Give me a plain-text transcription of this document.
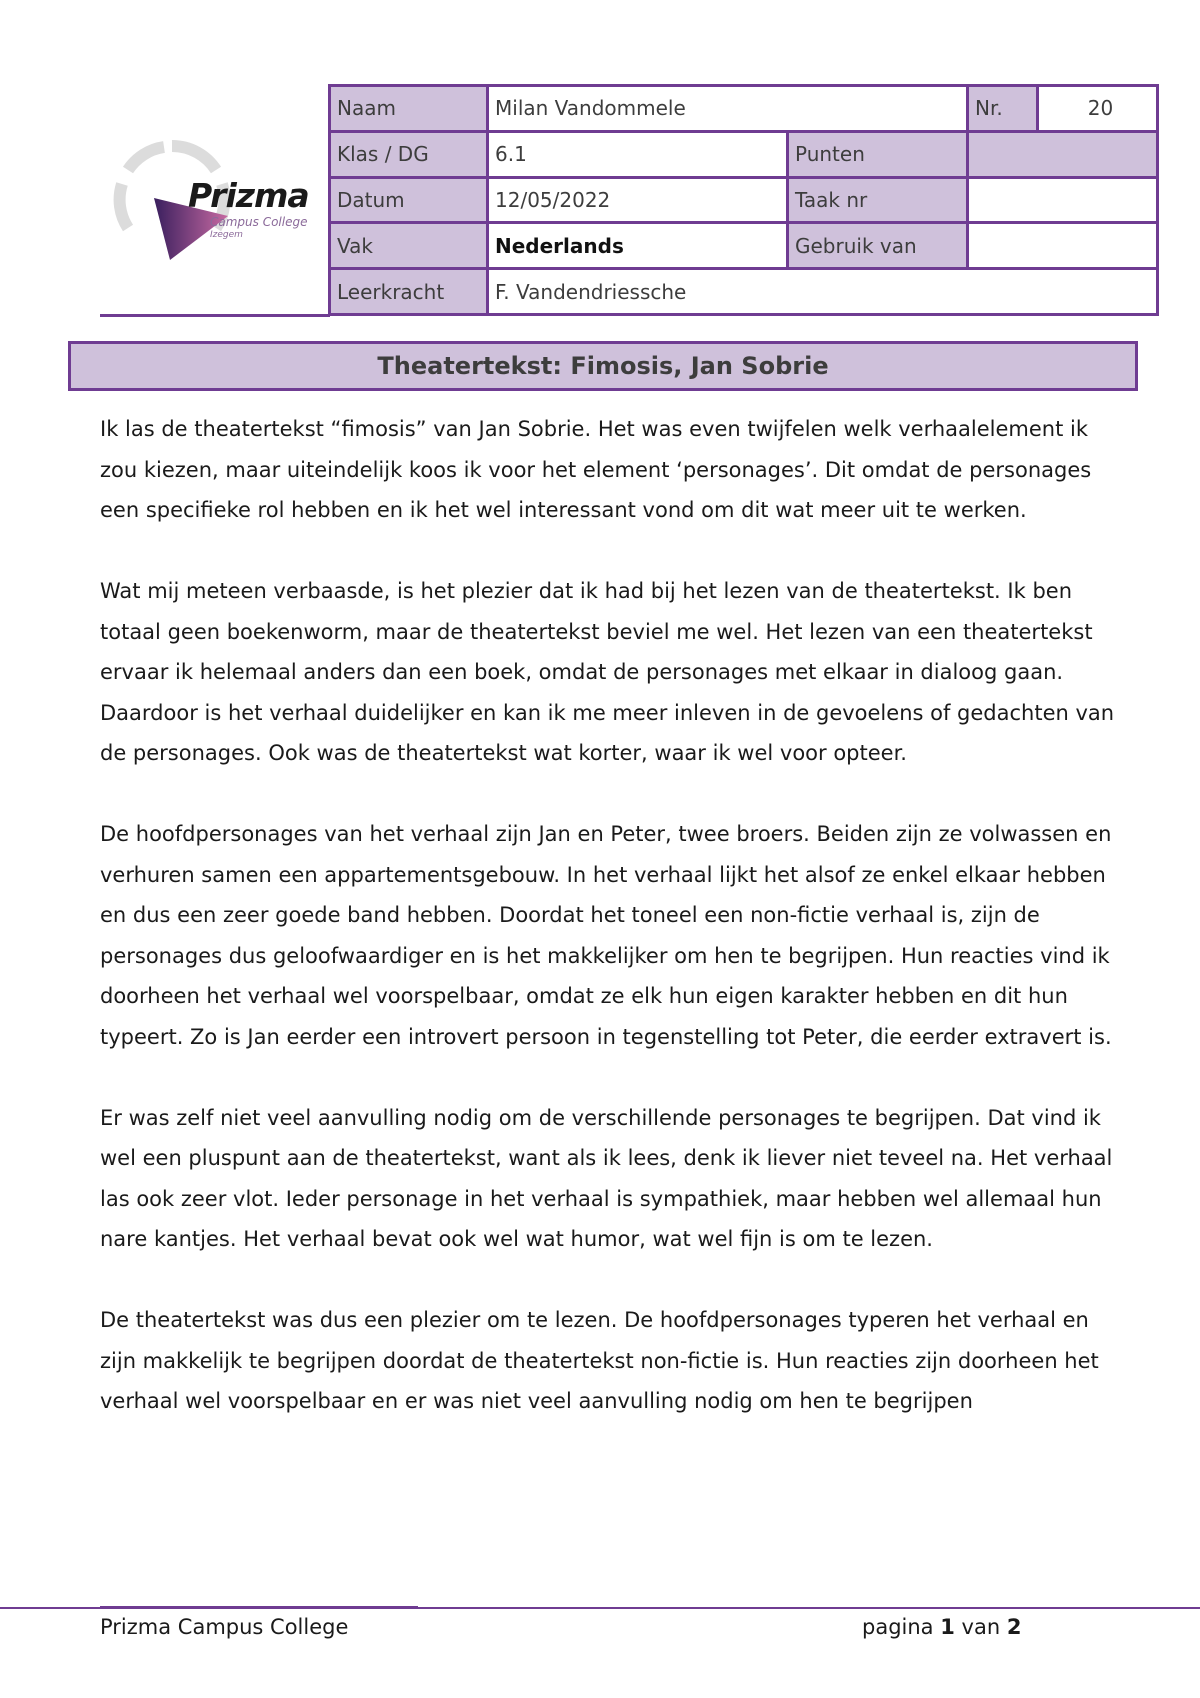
Prizma
Campus College
Izegem
Naam	Milan Vandommele		Nr.	20
Klas / DG	6.1	Punten		
Datum	12/05/2022	Taak nr		
Vak	Nederlands	Gebruik van		
Leerkracht	F. Vandendriessche			
Theatertekst: Fimosis, Jan Sobrie

Ik las de theatertekst “fimosis” van Jan Sobrie. Het was even twijfelen welk verhaalelement ik zou kiezen, maar uiteindelijk koos ik voor het element ‘personages’. Dit omdat de personages een specifieke rol hebben en ik het wel interessant vond om dit wat meer uit te werken.

Wat mij meteen verbaasde, is het plezier dat ik had bij het lezen van de theatertekst. Ik ben totaal geen boekenworm, maar de theatertekst beviel me wel. Het lezen van een theatertekst ervaar ik helemaal anders dan een boek, omdat de personages met elkaar in dialoog gaan. Daardoor is het verhaal duidelijker en kan ik me meer inleven in de gevoelens of gedachten van de personages. Ook was de theatertekst wat korter, waar ik wel voor opteer.

De hoofdpersonages van het verhaal zijn Jan en Peter, twee broers. Beiden zijn ze volwassen en verhuren samen een appartementsgebouw. In het verhaal lijkt het alsof ze enkel elkaar hebben en dus een zeer goede band hebben. Doordat het toneel een non-fictie verhaal is, zijn de personages dus geloofwaardiger en is het makkelijker om hen te begrijpen. Hun reacties vind ik doorheen het verhaal wel voorspelbaar, omdat ze elk hun eigen karakter hebben en dit hun typeert. Zo is Jan eerder een introvert persoon in tegenstelling tot Peter, die eerder extravert is.

Er was zelf niet veel aanvulling nodig om de verschillende personages te begrijpen. Dat vind ik wel een pluspunt aan de theatertekst, want als ik lees, denk ik liever niet teveel na. Het verhaal las ook zeer vlot. Ieder personage in het verhaal is sympathiek, maar hebben wel allemaal hun nare kantjes. Het verhaal bevat ook wel wat humor, wat wel fijn is om te lezen.

De theatertekst was dus een plezier om te lezen. De hoofdpersonages typeren het verhaal en zijn makkelijk te begrijpen doordat de theatertekst non-fictie is. Hun reacties zijn doorheen het verhaal wel voorspelbaar en er was niet veel aanvulling nodig om hen te begrijpen

Prizma Campus College	pagina 1 van 2
